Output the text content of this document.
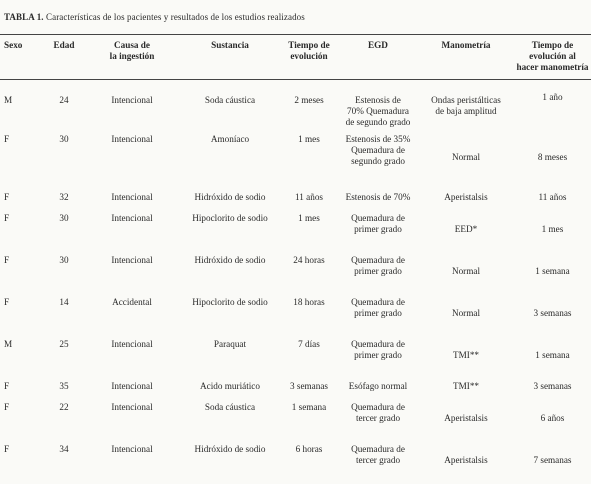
TABLA 1. Características de los pacientes y resultados de los estudios realizados
Sexo	Edad	Causa de
la ingestión	Sustancia	Tiempo de
evolución	EGD	Manometría	Tiempo de
evolución al
hacer manometría
M	24	Intencional	Soda cáustica	2 meses	Estenosis de
70% Quemadura
de segundo grado	Ondas peristálticas
de baja amplitud	1 año
F	30	Intencional	Amoníaco	1 mes	Estenosis de 35%
Quemadura de
segundo grado	Normal	8 meses
F	32	Intencional	Hidróxido de sodio	11 años	Estenosis de 70%	Aperistalsis	11 años
F	30	Intencional	Hipoclorito de sodio	1 mes	Quemadura de
primer grado	EED*	1 mes
F	30	Intencional	Hidróxido de sodio	24 horas	Quemadura de
primer grado	Normal	1 semana
F	14	Accidental	Hipoclorito de sodio	18 horas	Quemadura de
primer grado	Normal	3 semanas
M	25	Intencional	Paraquat	7 días	Quemadura de
primer grado	TMI**	1 semana
F	35	Intencional	Acido muriático	3 semanas	Esófago normal	TMI**	3 semanas
F	22	Intencional	Soda cáustica	1 semana	Quemadura de
tercer grado	Aperistalsis	6 años
F	34	Intencional	Hidróxido de sodio	6 horas	Quemadura de
tercer grado	Aperistalsis	7 semanas
